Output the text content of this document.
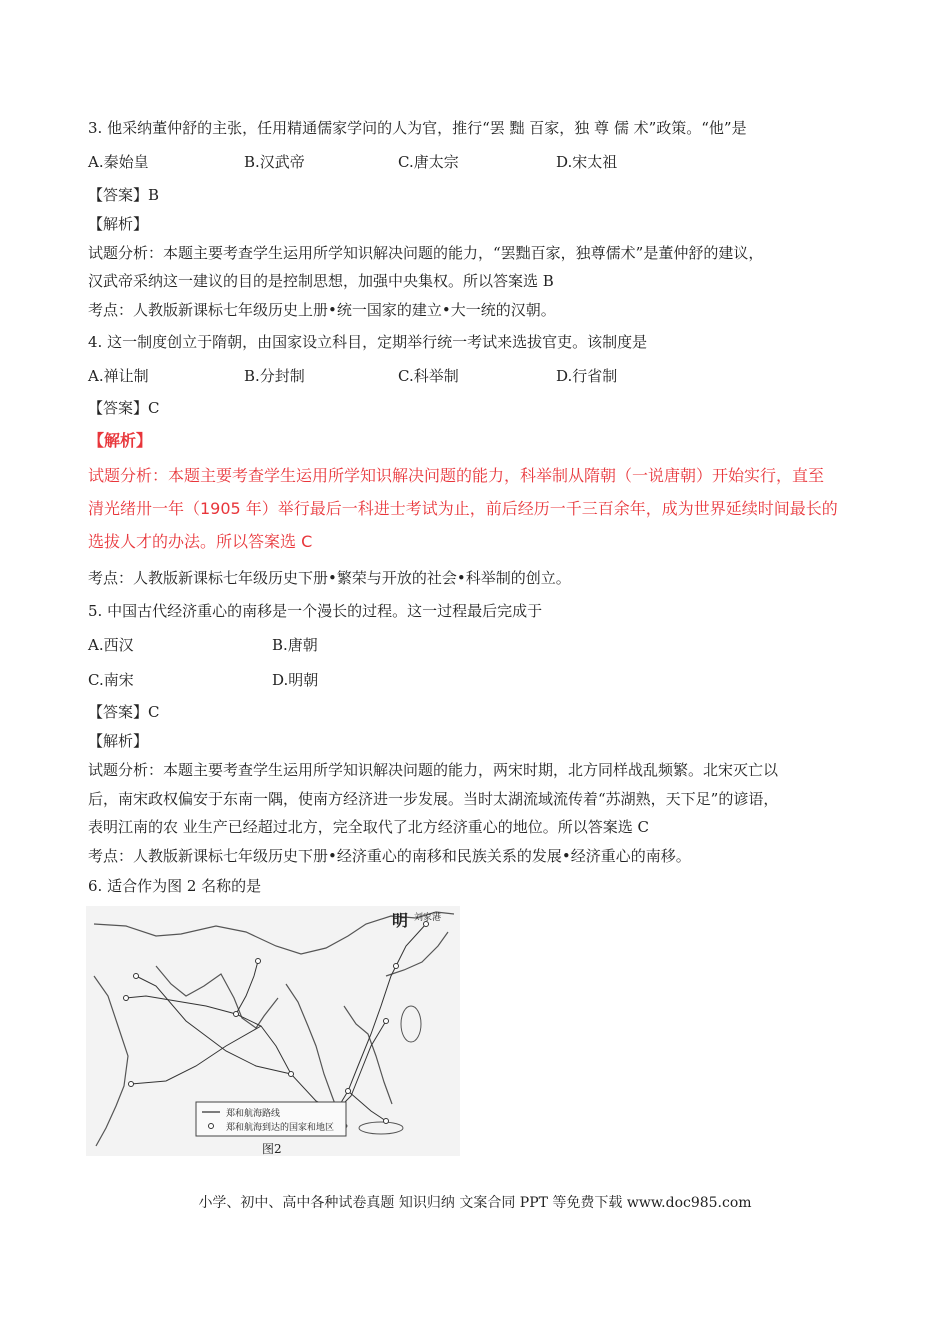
3. 他采纳董仲舒的主张，任用精通儒家学问的人为官，推行“罢 黜 百家，独 尊 儒 术”政策。“他”是
A.秦始皇	B.汉武帝	C.唐太宗	D.宋太祖
【答案】B
【解析】
试题分析：本题主要考查学生运用所学知识解决问题的能力，“罢黜百家，独尊儒术”是董仲舒的建议，
汉武帝采纳这一建议的目的是控制思想，加强中央集权。所以答案选 B
考点：人教版新课标七年级历史上册•统一国家的建立•大一统的汉朝。
4. 这一制度创立于隋朝，由国家设立科目，定期举行统一考试来选拔官吏。该制度是
A.禅让制	B.分封制	C.科举制	D.行省制
【答案】C
【解析】
试题分析：本题主要考查学生运用所学知识解决问题的能力，科举制从隋朝（一说唐朝）开始实行，直至
清光绪卅一年（1905 年）举行最后一科进士考试为止，前后经历一千三百余年，成为世界延续时间最长的
选拔人才的办法。所以答案选 C
考点：人教版新课标七年级历史下册•繁荣与开放的社会•科举制的创立。
5. 中国古代经济重心的南移是一个漫长的过程。这一过程最后完成于
A.西汉	B.唐朝
C.南宋	D.明朝
【答案】C
【解析】
试题分析：本题主要考查学生运用所学知识解决问题的能力，两宋时期，北方同样战乱频繁。北宋灭亡以
后，南宋政权偏安于东南一隅，使南方经济进一步发展。当时太湖流域流传着“苏湖熟，天下足”的谚语，
表明江南的农 业生产已经超过北方，完全取代了北方经济重心的地位。所以答案选 C
考点：人教版新课标七年级历史下册•经济重心的南移和民族关系的发展•经济重心的南移。
6. 适合作为图 2 名称的是
明 刘家港
郑和航海路线
郑和航海到达的国家和地区
图2
小学、初中、高中各种试卷真题 知识归纳 文案合同 PPT 等免费下载 www.doc985.com
